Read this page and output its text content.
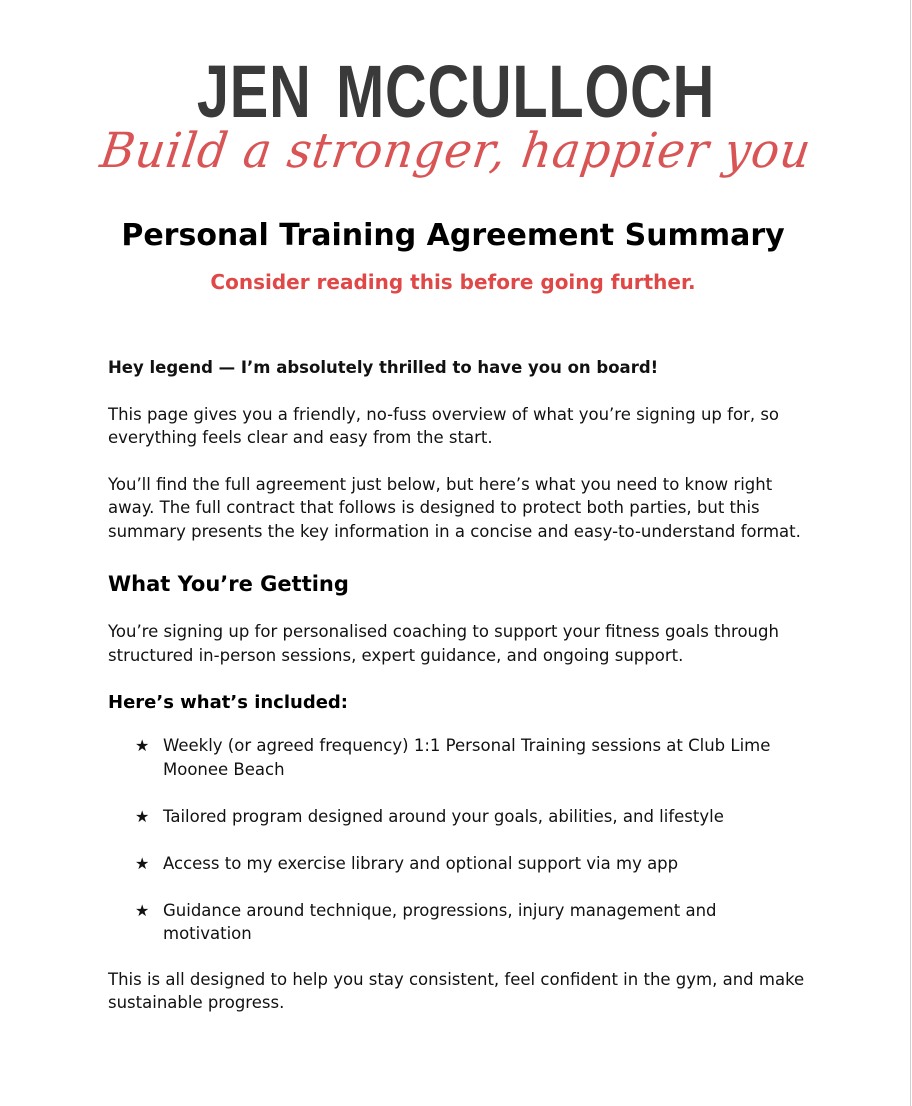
JEN MCCULLOCH
Build a stronger, happier you
Personal Training Agreement Summary
Consider reading this before going further.

Hey legend — I’m absolutely thrilled to have you on board!

This page gives you a friendly, no-fuss overview of what you’re signing up for, so everything feels clear and easy from the start.

You’ll find the full agreement just below, but here’s what you need to know right away. The full contract that follows is designed to protect both parties, but this summary presents the key information in a concise and easy-to-understand format.

What You’re Getting

You’re signing up for personalised coaching to support your fitness goals through structured in-person sessions, expert guidance, and ongoing support.

Here’s what’s included:
★ Weekly (or agreed frequency) 1:1 Personal Training sessions at Club Lime Moonee Beach
★ Tailored program designed around your goals, abilities, and lifestyle
★ Access to my exercise library and optional support via my app
★ Guidance around technique, progressions, injury management and motivation

This is all designed to help you stay consistent, feel confident in the gym, and make sustainable progress.
